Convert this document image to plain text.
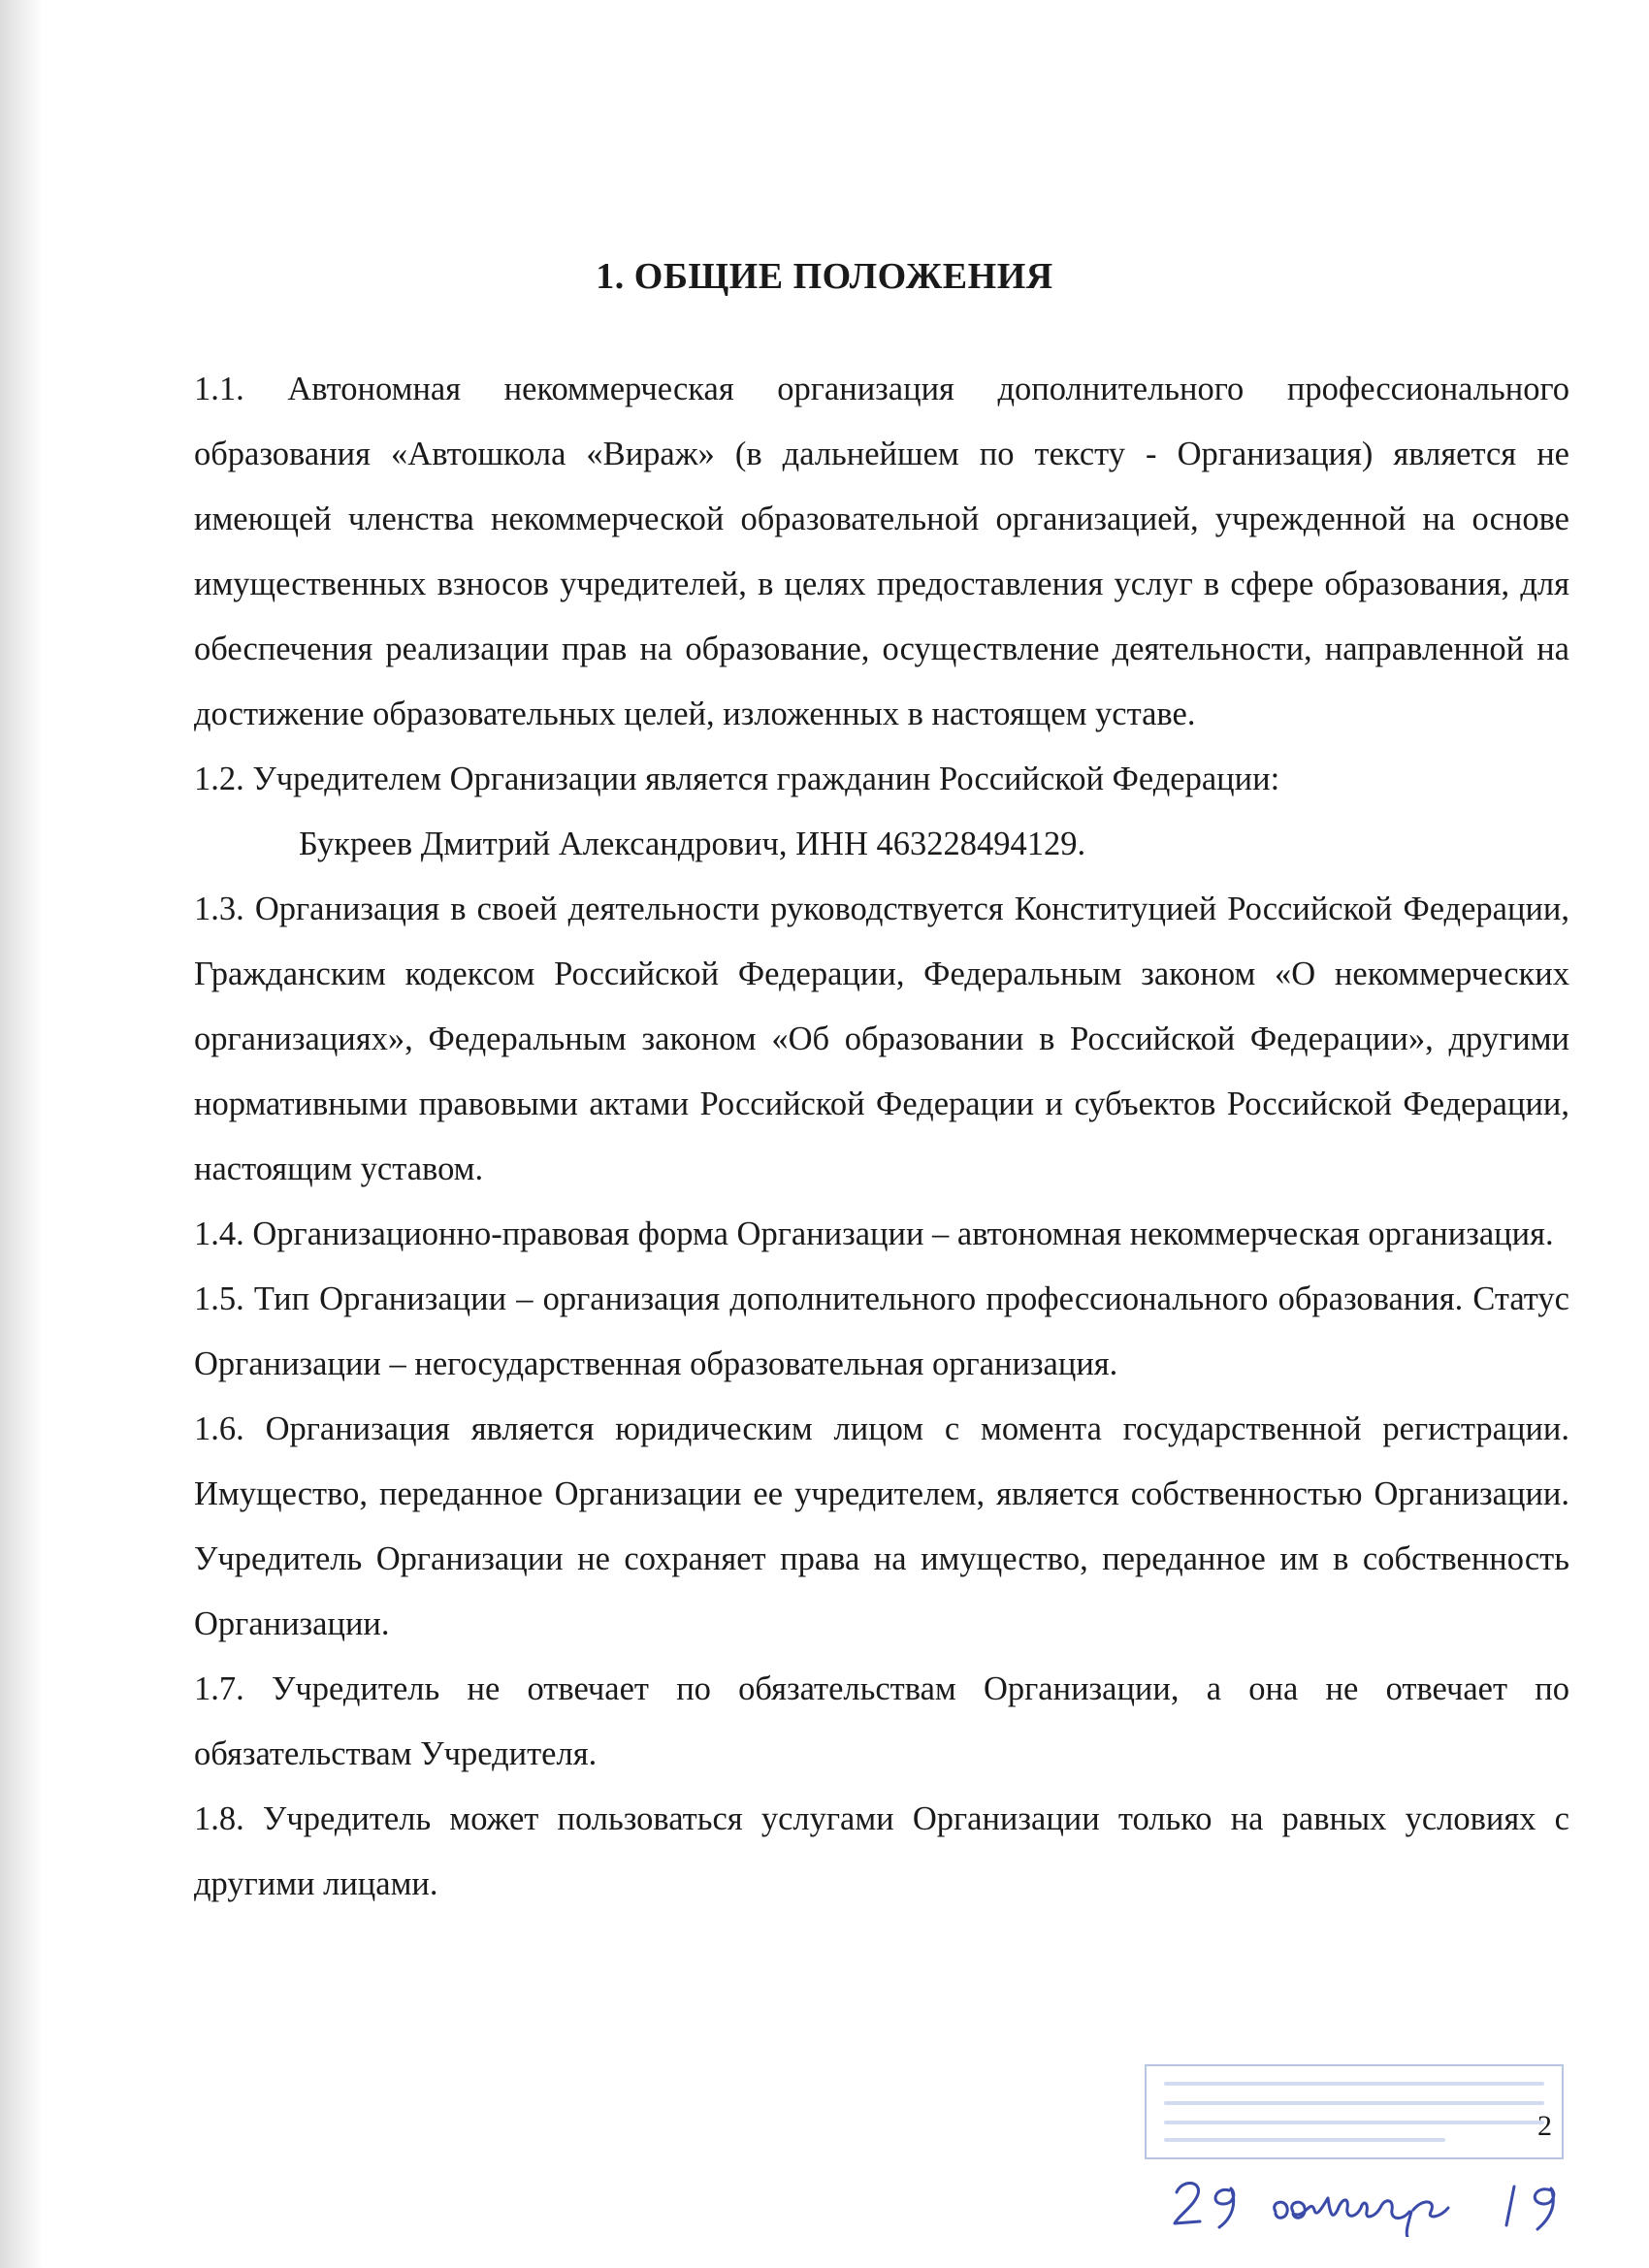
1. ОБЩИЕ ПОЛОЖЕНИЯ

1.1. Автономная некоммерческая организация дополнительного профессионального образования «Автошкола «Вираж» (в дальнейшем по тексту - Организация) является не имеющей членства некоммерческой образовательной организацией, учрежденной на основе имущественных взносов учредителей, в целях предоставления услуг в сфере образования, для обеспечения реализации прав на образование, осуществление деятельности, направленной на достижение образовательных целей, изложенных в настоящем уставе.

1.2. Учредителем Организации является гражданин Российской Федерации:

Букреев Дмитрий Александрович, ИНН 463228494129.

1.3. Организация в своей деятельности руководствуется Конституцией Российской Федерации, Гражданским кодексом Российской Федерации, Федеральным законом «О некоммерческих организациях», Федеральным законом «Об образовании в Российской Федерации», другими нормативными правовыми актами Российской Федерации и субъектов Российской Федерации, настоящим уставом.

1.4. Организационно-правовая форма Организации – автономная некоммерческая организация.

1.5. Тип Организации – организация дополнительного профессионального образования. Статус Организации – негосударственная образовательная организация.

1.6. Организация является юридическим лицом с момента государственной регистрации. Имущество, переданное Организации ее учредителем, является собственностью Организации. Учредитель Организации не сохраняет права на имущество, переданное им в собственность Организации.

1.7. Учредитель не отвечает по обязательствам Организации, а она не отвечает по обязательствам Учредителя.

1.8. Учредитель может пользоваться услугами Организации только на равных условиях с другими лицами.

2
